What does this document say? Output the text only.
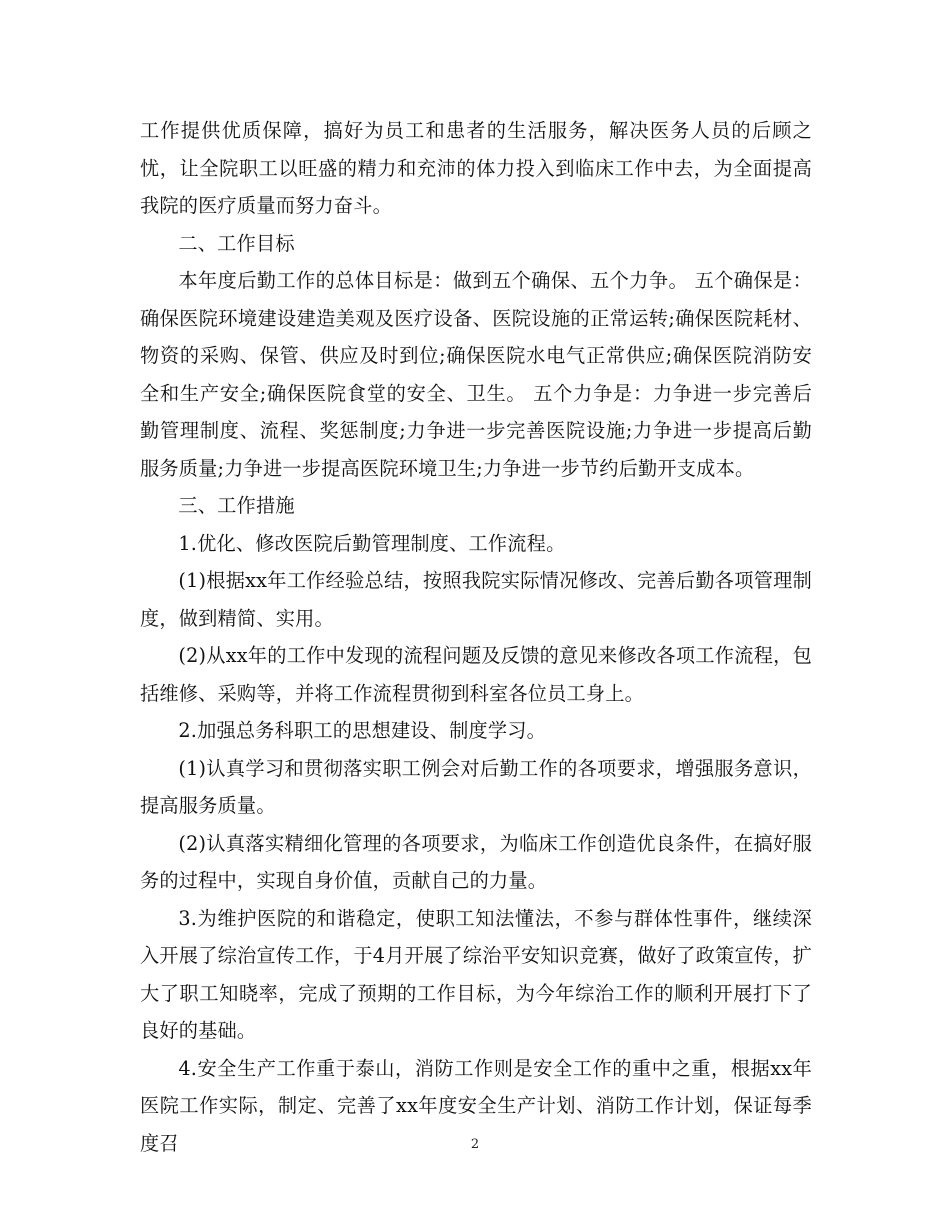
工作提供优质保障，搞好为员工和患者的生活服务，解决医务人员的后顾之忧，让全院职工以旺盛的精力和充沛的体力投入到临床工作中去，为全面提高我院的医疗质量而努力奋斗。

二、工作目标

本年度后勤工作的总体目标是：做到五个确保、五个力争。 五个确保是：确保医院环境建设建造美观及医疗设备、医院设施的正常运转;确保医院耗材、物资的采购、保管、供应及时到位;确保医院水电气正常供应;确保医院消防安全和生产安全;确保医院食堂的安全、卫生。 五个力争是：力争进一步完善后勤管理制度、流程、奖惩制度;力争进一步完善医院设施;力争进一步提高后勤服务质量;力争进一步提高医院环境卫生;力争进一步节约后勤开支成本。

三、工作措施

1.优化、修改医院后勤管理制度、工作流程。

(1)根据xx年工作经验总结，按照我院实际情况修改、完善后勤各项管理制度，做到精简、实用。

(2)从xx年的工作中发现的流程问题及反馈的意见来修改各项工作流程，包括维修、采购等，并将工作流程贯彻到科室各位员工身上。

2.加强总务科职工的思想建设、制度学习。

(1)认真学习和贯彻落实职工例会对后勤工作的各项要求，增强服务意识，提高服务质量。

(2)认真落实精细化管理的各项要求，为临床工作创造优良条件，在搞好服务的过程中，实现自身价值，贡献自己的力量。

3.为维护医院的和谐稳定，使职工知法懂法，不参与群体性事件，继续深入开展了综治宣传工作，于4月开展了综治平安知识竞赛，做好了政策宣传，扩大了职工知晓率，完成了预期的工作目标，为今年综治工作的顺利开展打下了良好的基础。

4.安全生产工作重于泰山，消防工作则是安全工作的重中之重，根据xx年医院工作实际，制定、完善了xx年度安全生产计划、消防工作计划，保证每季度召	2
